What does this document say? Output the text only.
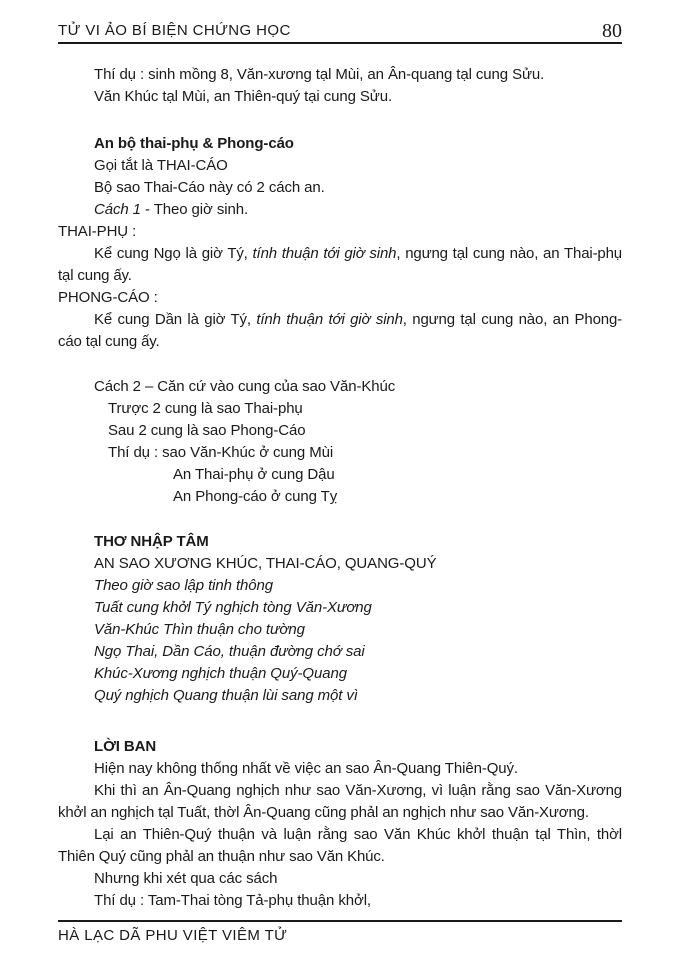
TỬ VI ẢO BÍ BIỆN CHỨNG HỌC	80
Thí dụ : sinh mồng 8, Văn-xương tạl Mùi, an Ân-quang tạl cung Sửu.
Văn Khúc tạl Mùi, an Thiên-quý tại cung Sửu.
An bộ thai-phụ & Phong-cáo
Gọi tắt là THAI-CÁO
Bộ sao Thai-Cáo này có 2 cách an.
Cách 1 - Theo giờ sinh.
THAI-PHỤ :

Kể cung Ngọ là giờ Tý, tính thuận tới giờ sinh, ngưng tạl cung nào, an Thai-phụ tạl cung ấy.

PHONG-CÁO :

Kể cung Dần là giờ Tý, tính thuận tới giờ sinh, ngưng tạl cung nào, an Phong-cáo tạl cung ấy.

Cách 2 – Căn cứ vào cung của sao Văn-Khúc
Trược 2 cung là sao Thai-phụ
Sau 2 cung là sao Phong-Cáo
Thí dụ : sao Văn-Khúc ở cung Mùi
An Thai-phụ ở cung Dậu
An Phong-cáo ở cung Tỵ
THƠ NHẬP TÂM
AN SAO XƯƠNG KHÚC, THAI-CÁO, QUANG-QUÝ
Theo giờ sao lập tinh thông
Tuất cung khởl Tý nghịch tòng Văn-Xương
Văn-Khúc Thìn thuận cho tường
Ngọ Thai, Dần Cáo, thuận đường chớ sai
Khúc-Xương nghịch thuận Quý-Quang
Quý nghịch Quang thuận lùi sang một vì
LỜI BAN
Hiện nay không thống nhất về việc an sao Ân-Quang Thiên-Quý.

Khi thì an Ân-Quang nghịch như sao Văn-Xương, vì luận rằng sao Văn-Xương khởl an nghịch tạl Tuất, thờl Ân-Quang cũng phảl an nghịch như sao Văn-Xương.

Lại an Thiên-Quý thuận và luận rằng sao Văn Khúc khởl thuận tạl Thìn, thờl Thiên Quý cũng phảl an thuận như sao Văn Khúc.

Nhưng khi xét qua các sách
Thí dụ : Tam-Thai tòng Tả-phụ thuận khởl,
HÀ LẠC DÃ PHU VIỆT VIÊM TỬ
